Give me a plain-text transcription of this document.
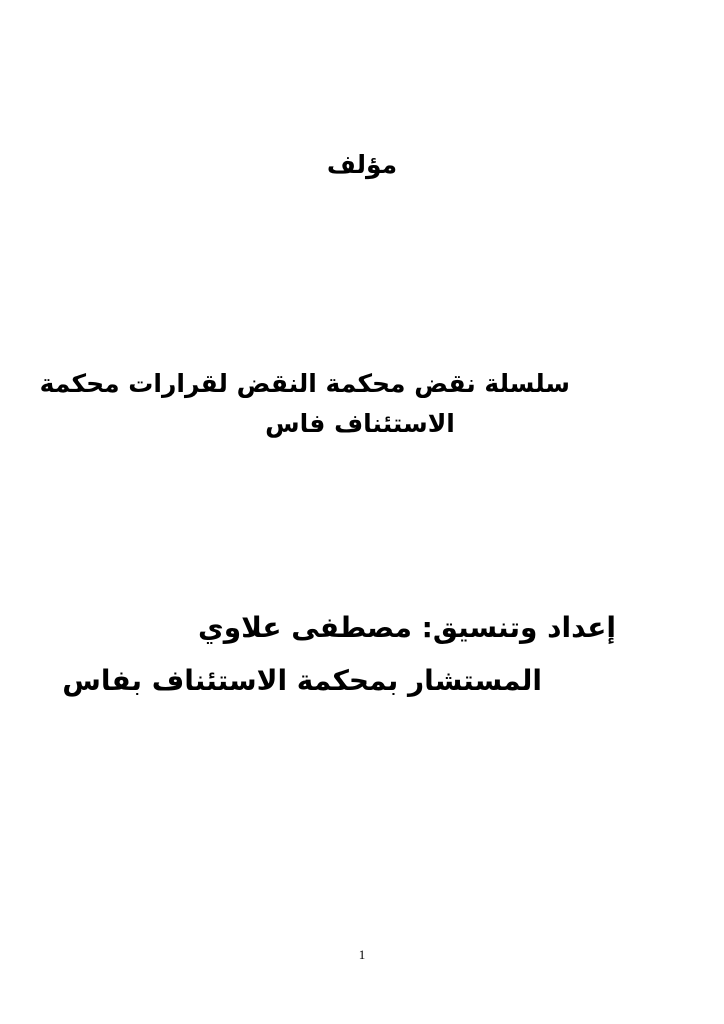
مؤلف
سلسلة نقض محكمة النقض لقرارات محكمة
الاستئناف فاس
إعداد وتنسيق: مصطفى علاوي
المستشار بمحكمة الاستئناف بفاس
1
